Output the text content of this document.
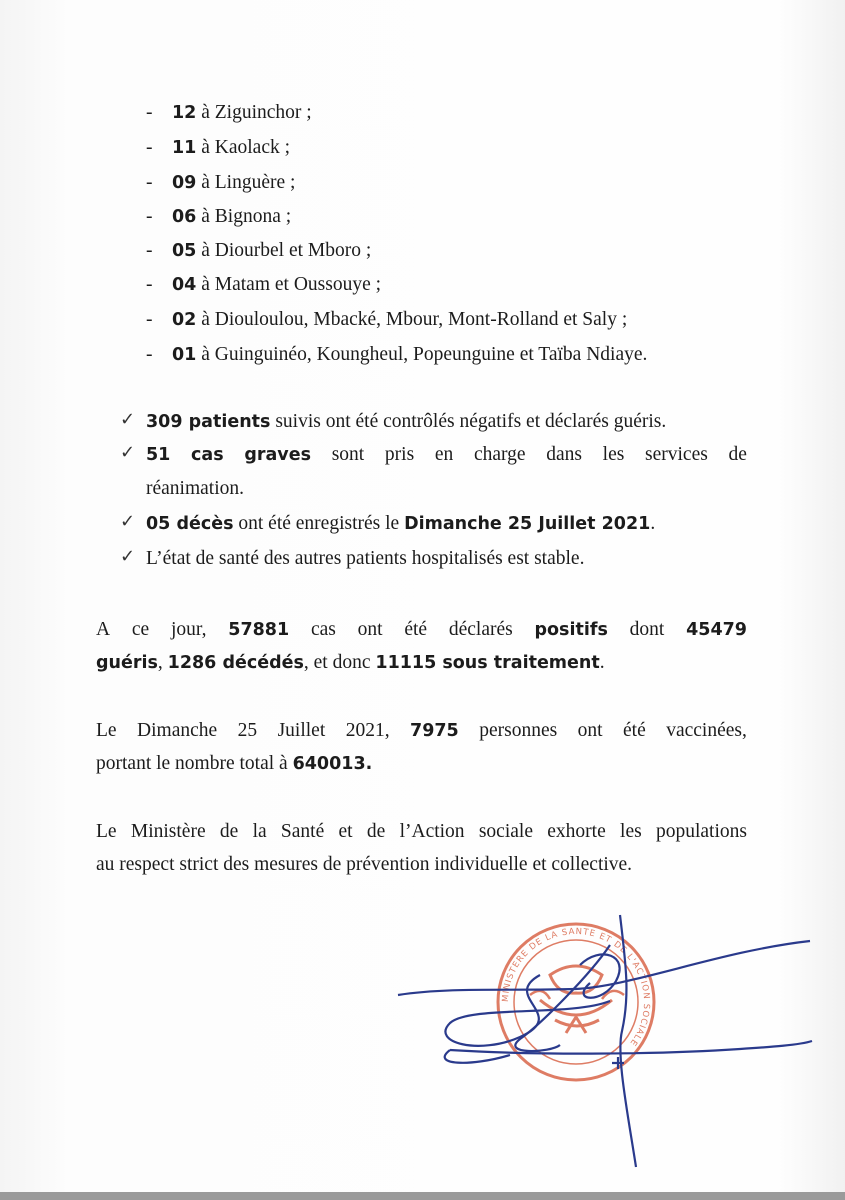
- 12 à Ziguinchor ;
- 11 à Kaolack ;
- 09 à Linguère ;
- 06 à Bignona ;
- 05 à Diourbel et Mboro ;
- 04 à Matam et Oussouye ;
- 02 à Diouloulou, Mbacké, Mbour, Mont-Rolland et Saly ;
- 01 à Guinguinéo, Koungheul, Popeunguine et Taïba Ndiaye.
✓ 309 patients suivis ont été contrôlés négatifs et déclarés guéris.
✓ 51 cas graves sont pris en charge dans les services de
réanimation.
✓ 05 décès ont été enregistrés le Dimanche 25 Juillet 2021.
✓ L’état de santé des autres patients hospitalisés est stable.
A ce jour, 57881 cas ont été déclarés positifs dont 45479
guéris, 1286 décédés, et donc 11115 sous traitement.
Le Dimanche 25 Juillet 2021, 7975 personnes ont été vaccinées,
portant le nombre total à 640013.
Le Ministère de la Santé et de l’Action sociale exhorte les populations
au respect strict des mesures de prévention individuelle et collective.
MINISTERE DE LA SANTE ET DE L'ACTION SOCIALE
